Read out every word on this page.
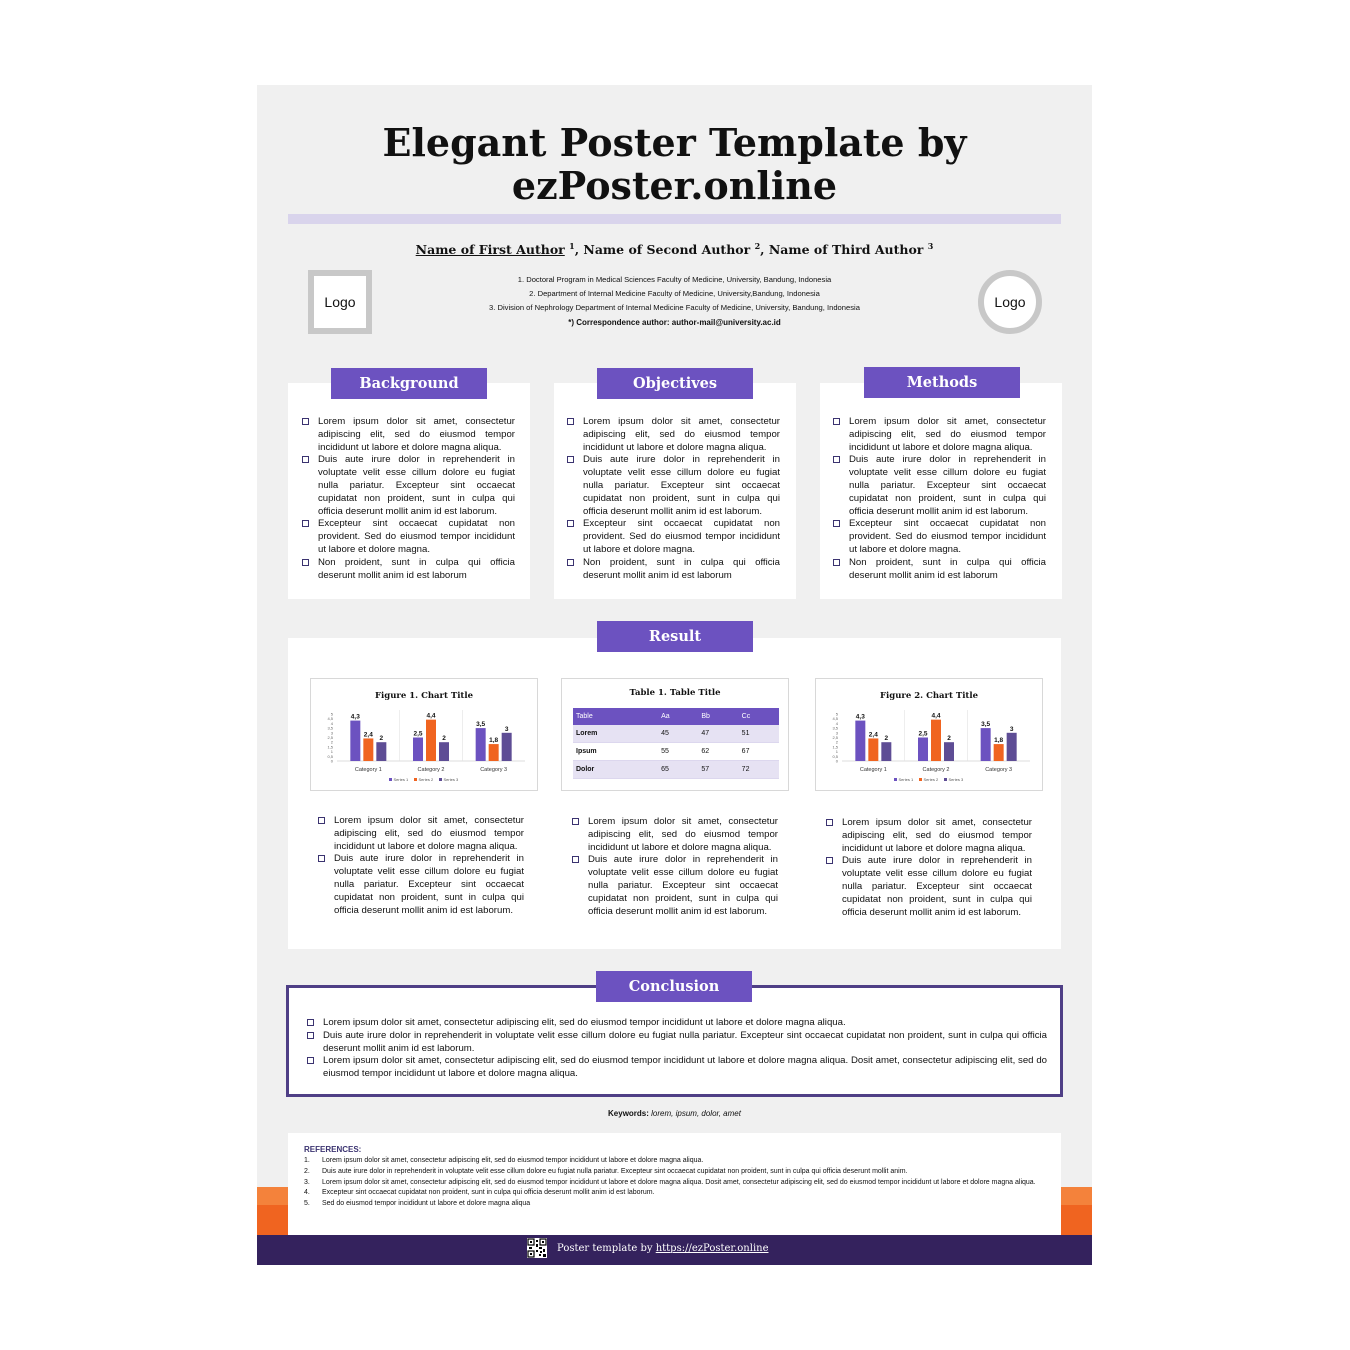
Elegant Poster Template by ezPoster.online
Name of First Author $^1$, Name of Second Author $^2$, Name of Third Author $^3$
1. Doctoral Program in Medical Sciences Faculty of Medicine, University, Bandung, Indonesia
2. Department of Internal Medicine Faculty of Medicine, University,Bandung, Indonesia
3. Division of Nephrology Department of Internal Medicine Faculty of Medicine, University, Bandung, Indonesia
*) Correspondence author: author-mail@university.ac.id
Logo	Logo
Lorem ipsum dolor sit amet, consectetur adipiscing elit, sed do eiusmod tempor incididunt ut labore et dolore magna aliqua.
Duis aute irure dolor in reprehenderit in voluptate velit esse cillum dolore eu fugiat nulla pariatur. Excepteur sint occaecat cupidatat non proident, sunt in culpa qui officia deserunt mollit anim id est laborum.
Excepteur sint occaecat cupidatat non provident. Sed do eiusmod tempor incididunt ut labore et dolore magna.
Non proident, sunt in culpa qui officia deserunt mollit anim id est laborum
Background
Lorem ipsum dolor sit amet, consectetur adipiscing elit, sed do eiusmod tempor incididunt ut labore et dolore magna aliqua.
Duis aute irure dolor in reprehenderit in voluptate velit esse cillum dolore eu fugiat nulla pariatur. Excepteur sint occaecat cupidatat non proident, sunt in culpa qui officia deserunt mollit anim id est laborum.
Excepteur sint occaecat cupidatat non provident. Sed do eiusmod tempor incididunt ut labore et dolore magna.
Non proident, sunt in culpa qui officia deserunt mollit anim id est laborum
Objectives
Lorem ipsum dolor sit amet, consectetur adipiscing elit, sed do eiusmod tempor incididunt ut labore et dolore magna aliqua.
Duis aute irure dolor in reprehenderit in voluptate velit esse cillum dolore eu fugiat nulla pariatur. Excepteur sint occaecat cupidatat non proident, sunt in culpa qui officia deserunt mollit anim id est laborum.
Excepteur sint occaecat cupidatat non provident. Sed do eiusmod tempor incididunt ut labore et dolore magna.
Non proident, sunt in culpa qui officia deserunt mollit anim id est laborum
Methods
Figure 1. Chart Title
0
0,5
1
1,5
2
2,5
3
3,5
4
4,5
5	4,3
2,4
2
Category 1
2,5
4,4
2
Category 2
3,5
1,8
3
Category 3
Series 1	Series 2	Series 3
Table 1. Table Title
Table	Aa	Bb	Cc
Lorem	45	47	51
Ipsum	55	62	67
Dolor	65	57	72
Figure 2. Chart Title
0
0,5
1
1,5
2
2,5
3
3,5
4
4,5
5	4,3
2,4
2
Category 1
2,5
4,4
2
Category 2
3,5
1,8
3
Category 3
Series 1	Series 2	Series 3
Lorem ipsum dolor sit amet, consectetur adipiscing elit, sed do eiusmod tempor incididunt ut labore et dolore magna aliqua.
Duis aute irure dolor in reprehenderit in voluptate velit esse cillum dolore eu fugiat nulla pariatur. Excepteur sint occaecat cupidatat non proident, sunt in culpa qui officia deserunt mollit anim id est laborum.
Lorem ipsum dolor sit amet, consectetur adipiscing elit, sed do eiusmod tempor incididunt ut labore et dolore magna aliqua.
Duis aute irure dolor in reprehenderit in voluptate velit esse cillum dolore eu fugiat nulla pariatur. Excepteur sint occaecat cupidatat non proident, sunt in culpa qui officia deserunt mollit anim id est laborum.
Lorem ipsum dolor sit amet, consectetur adipiscing elit, sed do eiusmod tempor incididunt ut labore et dolore magna aliqua.
Duis aute irure dolor in reprehenderit in voluptate velit esse cillum dolore eu fugiat nulla pariatur. Excepteur sint occaecat cupidatat non proident, sunt in culpa qui officia deserunt mollit anim id est laborum.
Result
Lorem ipsum dolor sit amet, consectetur adipiscing elit, sed do eiusmod tempor incididunt ut labore et dolore magna aliqua.
Duis aute irure dolor in reprehenderit in voluptate velit esse cillum dolore eu fugiat nulla pariatur. Excepteur sint occaecat cupidatat non proident, sunt in culpa qui officia deserunt mollit anim id est laborum.
Lorem ipsum dolor sit amet, consectetur adipiscing elit, sed do eiusmod tempor incididunt ut labore et dolore magna aliqua. Dosit amet, consectetur adipiscing elit, sed do eiusmod tempor incididunt ut labore et dolore magna aliqua.
Conclusion
Keywords: lorem, ipsum, dolor, amet
Poster template by https://ezPoster.online
REFERENCES:
1. Lorem ipsum dolor sit amet, consectetur adipiscing elit, sed do eiusmod tempor incididunt ut labore et dolore magna aliqua.
2. Duis aute irure dolor in reprehenderit in voluptate velit esse cillum dolore eu fugiat nulla pariatur. Excepteur sint occaecat cupidatat non proident, sunt in culpa qui officia deserunt mollit anim.
3. Lorem ipsum dolor sit amet, consectetur adipiscing elit, sed do eiusmod tempor incididunt ut labore et dolore magna aliqua. Dosit amet, consectetur adipiscing elit, sed do eiusmod tempor incididunt ut labore et dolore magna aliqua.
4. Excepteur sint occaecat cupidatat non proident, sunt in culpa qui officia deserunt mollit anim id est laborum.
5. Sed do eiusmod tempor incididunt ut labore et dolore magna aliqua
